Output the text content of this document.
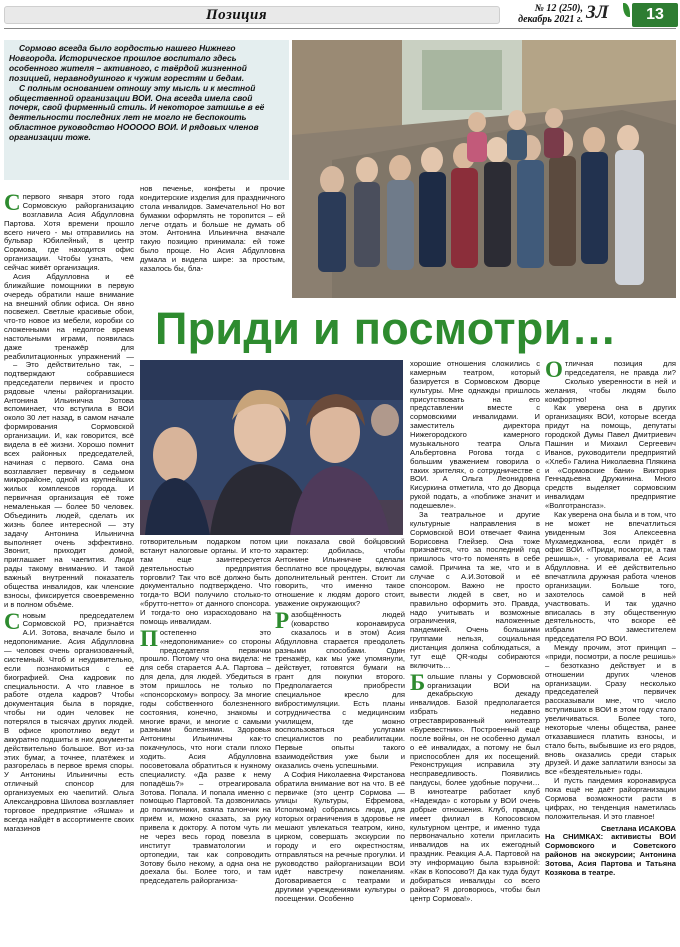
Позиция	№ 12 (250),
декабрь 2021 г. ЗЛ	13

Сормово всегда было гордостью нашего Нижнего Новгорода. Историческое прошлое воспитало здесь особенного жителя – активного, с твёрдой жизненной позицией, неравнодушного к чужим горестям и бедам.

С полным основанием отношу эту мысль и к местной общественной организации ВОИ. Она всегда имела свой почерк, свой фирменный стиль. И некоторое затишье в её деятельности последних лет не могло не беспокоить областное руководство НООООО ВОИ. И рядовых членов организации тоже.

Приди и посмотри…

Спервого января этого года Сормовскую райорганизацию возглавила Асия Абдулловна Партова. Хотя времени прошло всего ничего - мы отправились на бульвар Юбилейный, в центр Сормова, где находится офис организации. Чтобы узнать, чем сейчас живёт организация.

Асия Абдулловна и её ближайшие помощники в первую очередь обратили наше внимание на внешний облик офиса. Он явно посвежел. Светлые красивые обои, что-то новое из мебели, коробки со сложенными на недолгое время настольными играми, появилась даже тренажёр для реабилитационных упражнений —

нов печенье, конфеты и прочие кондитерские изделия для праздничного стола инвалидов. Замечательно! Но вот бумажки оформлять не торопится – ей легче отдать и больше не думать об этом. Антонина Ильинична вначале такую позицию принимала: ей тоже было проще. Но Асия Абдулловна думала и видела шире: за простым, казалось бы, бла-

– Это действительно так, – подтверждают собравшиеся председатели первичек и просто рядовые члены райорганизации. Антонина Ильинична Зотова вспоминает, что вступила в ВОИ около 30 лет назад, в самом начале формирования Сормовской организации. И, как говорится, всё видела в её жизни. Хорошо помнит всех районных председателей, начиная с первого. Сама она возглавляет первичку в седьмом микрорайоне, одной из крупнейших жилых комплексов города. И первичная организация её тоже немаленькая — более 50 человек. Объединить людей, сделать их жизнь более интересной — эту задачу Антонина Ильинична выполняет очень эффективно. Звонит, приходит домой, приглашает на чаепития. Люди рады такому вниманию. И такой важный внутренний показатель общества инвалидов, как членские взносы, фиксируется своевременно и в полном объёме.

Сновым председателем Сормовской РО, признаётся А.И. Зотова, вначале было и недопонимание. Асия Абдулловна — человек очень организованный, системный. Чтоб и неудивительно, если познакомиться с её биографией. Она кадровик по специальности. А что главное в работе отдела кадров? Чтобы документация была в порядке, чтобы ни один человек не потерялся в тысячах других людей. В офисе кропотливо ведут и аккуратно подшиты в них документы действительно большое. Вот из-за этих бумаг, а точнее, платёжек и разгорелась в первое время споры. У Антонины Ильиничны есть отличный спонсор для организуемых ею чаепитий. Ольга Александровна Шилова возглавляет торговое предприятие «Яшма» и всегда найдёт в ассортименте своих магазинов

готворительным подарком потом встанут налоговые органы. И кто-то там еще заинтересуется деятельностью предприятия торговли? Так что всё должно быть документально подтверждено. Что тогда-то ВОИ получило столько-то «брутто-нетто» от данного спонсора. И тогда-то оно израсходовано на помощь инвалидам.

Постепенно это «недопонимание» со стороны председателя первички прошло. Потому что она видела: не для себя старается А.А. Партова – для дела, для людей. Убедиться в этом пришлось не только по «спонсорскому» вопросу. За многие годы собственного болезненного состояния, конечно, знакомы и многие врачи, и многие с самыми разными болезнями. Здоровья Антонины Ильиничны как-то покачнулось, что ноги стали плохо ходить. Асия Абдулловна посоветовала обратиться к нужному специалисту. «Да разве к нему попадёшь?» – отреагировала Зотова. Попала. И попала именно с помощью Партовой. Та дозвонилась до поликлиники, взяла талончик на приём и, можно сказать, за руку привела к доктору. А потом чуть ли не через весь город повезла в институт травматологии и ортопедии, так как сопроводить Зотову было некому, а одна она не доехала бы. Более того, и там председатель райорганиза-

ции показала свой бойцовский характер: добилась, чтобы Антонине Ильиничне сделали бесплатно все процедуры, включая дополнительный рентген. Стоит ли говорить, что именно такое отношение к людям дорого стоит, уважение окружающих?

Разобщённость людей (коварство коронавируса сказалось и в этом) Асия Абдулловна старается преодолеть разными способами. Один тренажёр, как мы уже упомянули, действует, готовятся бумаги на грант для покупки второго. Предполагается приобрести специальное кресло для вибростимуляции. Есть планы сотрудничества с медицинским училищем, где можно воспользоваться услугами специалистов по реабилитации. Первые опыты такого взаимодействия уже были и оказались очень успешными.

А София Николаевна Фирстанова обратила внимание вот на что. В её первичке (это центр Сормова — улицы Культуры, Ефремова, Исполкома) собрались люди, для которых ограничения в здоровье не мешают увлекаться театром, кино, цирком, совершать экскурсии по городу и его окрестностям, отправляться на речные прогулки. И руководство райорганизации ВОИ идёт навстречу пожеланиям. Договаривается с театрами и другими учреждениями культуры о посещении. Особенно

хорошие отношения сложились с камерным театром, который базируется в Сормовском Дворце культуры. Мне однажды пришлось присутствовать на его представлении вместе с сормовскими инвалидами. И заместитель директора Нижегородского камерного музыкального театра Ольга Альбертовна Рогова тогда с большим уважением говорила о таких зрителях, о сотрудничестве с ВОИ. А Ольга Леонидовна Кисуркина отметила, что до Дворца рукой подать, а «поближе значит и подешевле».

За театральное и другие культурные направления в Сормовской ВОИ отвечает Фаина Борисовна Глейзер. Она тоже признаётся, что за последний год пришлось что-то поменять в себе самой. Причина та же, что и в случае с А.И.Зотовой и её спонсором. Важно не просто вывести людей в свет, но и правильно оформить это. Правда, надо учитывать и возможные ограничения, наложенные пандемией. Очень большими группами нельзя, социальная дистанция должна соблюдаться, а тут ещё QR-коды собираются включить…

Большие планы у Сормовской организации ВОИ на декабрьскую декаду инвалидов. Базой предполагается избрать недавно отреставрированный кинотеатр «Буревестник». Построенный ещё после войны, он не особенно думал о её инвалидах, а потому не был приспособлен для их посещений. Реконструкция исправила эту несправедливость. Появились пандусы, более удобные поручни… В кинотеатре работает клуб «Надежда» с которым у ВОИ очень добрые отношения. Клуб, правда, имеет филиал в Копосовском культурном центре, и именно туда первоначально хотели пригласить инвалидов на их ежегодный праздник. Реакция А.А. Партовой на эту информацию была взрывной: «Как в Копосово?! Да как туда будут добираться инвалиды со всего района? Я договорюсь, чтобы был центр Сормова!».

Отличная позиция для председателя, не правда ли? Сколько уверенности в ней и желания, чтобы людям было комфортно!

Как уверена она в других организациях ВОИ, которые всегда придут на помощь, депутаты городской Думы Павел Дмитриевич Пашнин и Михаил Сергеевич Иванов, руководители предприятий «Хлеб» Галина Николаевна Плякина и «Сормовские бани» Виктория Геннадьевна Дружинина. Много средств выделяет сормовским инвалидам предприятие «Волготрансгаз».

Как уверена она была и в том, что не может не впечатлиться увиденным Зоя Алексеевна Мухамеджанова, если придёт в офис ВОИ. «Приди, посмотри, а там решишь», - уговаривала её Асия Абдулловна. И её действительно впечатлила дружная работа членов организации. Больше того, захотелось самой в ней участвовать. И так удачно вписалась в эту общественную деятельность, что вскоре её избрали заместителем председателя РО ВОИ.

Между прочим, этот принцип – «приди, посмотри, а после решишь» – безотказно действует и в отношении других членов организации. Сразу несколько председателей первичек рассказывали мне, что число вступивших в ВОИ в этом году стало увеличиваться. Более того, некоторые члены общества, ранее отказавшиеся платить взносы, и стало быть, выбывшие из его рядов, вновь оказались среди старых друзей. И даже заплатили взносы за все «бездеятельные» годы.

И пусть пандемия коронавируса пока ещё не даёт райорганизации Сормова возможности расти в цифрах, но тенденция наметилась положительная. И это главное!

Светлана ИСАКОВА
На СНИМКАХ: активисты ВОИ Сормовского и Советского районов на экскурсии; Антонина Зотова, Асия Партова и Татьяна Козякова в театре.
